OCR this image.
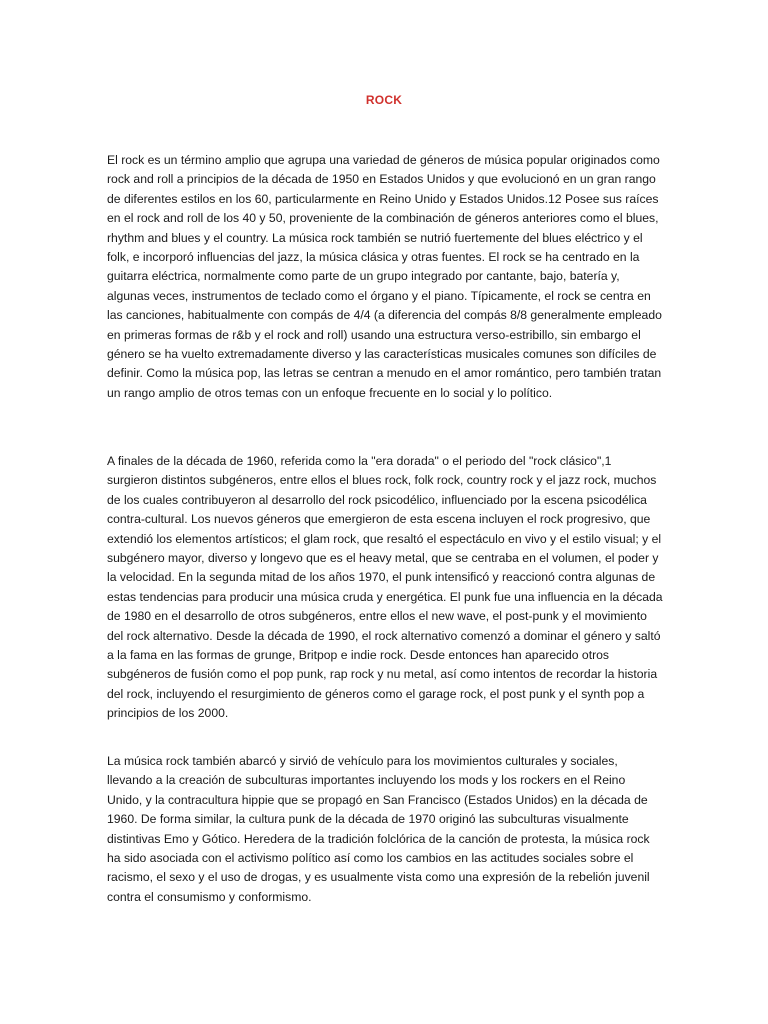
ROCK

El rock es un término amplio que agrupa una variedad de géneros de música popular originados como rock and roll a principios de la década de 1950 en Estados Unidos y que evolucionó en un gran rango de diferentes estilos en los 60, particularmente en Reino Unido y Estados Unidos.12 Posee sus raíces en el rock and roll de los 40 y 50, proveniente de la combinación de géneros anteriores como el blues, rhythm and blues y el country. La música rock también se nutrió fuertemente del blues eléctrico y el folk, e incorporó influencias del jazz, la música clásica y otras fuentes. El rock se ha centrado en la guitarra eléctrica, normalmente como parte de un grupo integrado por cantante, bajo, batería y, algunas veces, instrumentos de teclado como el órgano y el piano. Típicamente, el rock se centra en las canciones, habitualmente con compás de 4/4 (a diferencia del compás 8/8 generalmente empleado en primeras formas de r&b y el rock and roll) usando una estructura verso-estribillo, sin embargo el género se ha vuelto extremadamente diverso y las características musicales comunes son difíciles de definir. Como la música pop, las letras se centran a menudo en el amor romántico, pero también tratan un rango amplio de otros temas con un enfoque frecuente en lo social y lo político.

A finales de la década de 1960, referida como la "era dorada" o el periodo del "rock clásico",1 surgieron distintos subgéneros, entre ellos el blues rock, folk rock, country rock y el jazz rock, muchos de los cuales contribuyeron al desarrollo del rock psicodélico, influenciado por la escena psicodélica contra-cultural. Los nuevos géneros que emergieron de esta escena incluyen el rock progresivo, que extendió los elementos artísticos; el glam rock, que resaltó el espectáculo en vivo y el estilo visual; y el subgénero mayor, diverso y longevo que es el heavy metal, que se centraba en el volumen, el poder y la velocidad. En la segunda mitad de los años 1970, el punk intensificó y reaccionó contra algunas de estas tendencias para producir una música cruda y energética. El punk fue una influencia en la década de 1980 en el desarrollo de otros subgéneros, entre ellos el new wave, el post-punk y el movimiento del rock alternativo. Desde la década de 1990, el rock alternativo comenzó a dominar el género y saltó a la fama en las formas de grunge, Britpop e indie rock. Desde entonces han aparecido otros subgéneros de fusión como el pop punk, rap rock y nu metal, así como intentos de recordar la historia del rock, incluyendo el resurgimiento de géneros como el garage rock, el post punk y el synth pop a principios de los 2000.

La música rock también abarcó y sirvió de vehículo para los movimientos culturales y sociales, llevando a la creación de subculturas importantes incluyendo los mods y los rockers en el Reino Unido, y la contracultura hippie que se propagó en San Francisco (Estados Unidos) en la década de 1960. De forma similar, la cultura punk de la década de 1970 originó las subculturas visualmente distintivas Emo y Gótico. Heredera de la tradición folclórica de la canción de protesta, la música rock ha sido asociada con el activismo político así como los cambios en las actitudes sociales sobre el racismo, el sexo y el uso de drogas, y es usualmente vista como una expresión de la rebelión juvenil contra el consumismo y conformismo.
